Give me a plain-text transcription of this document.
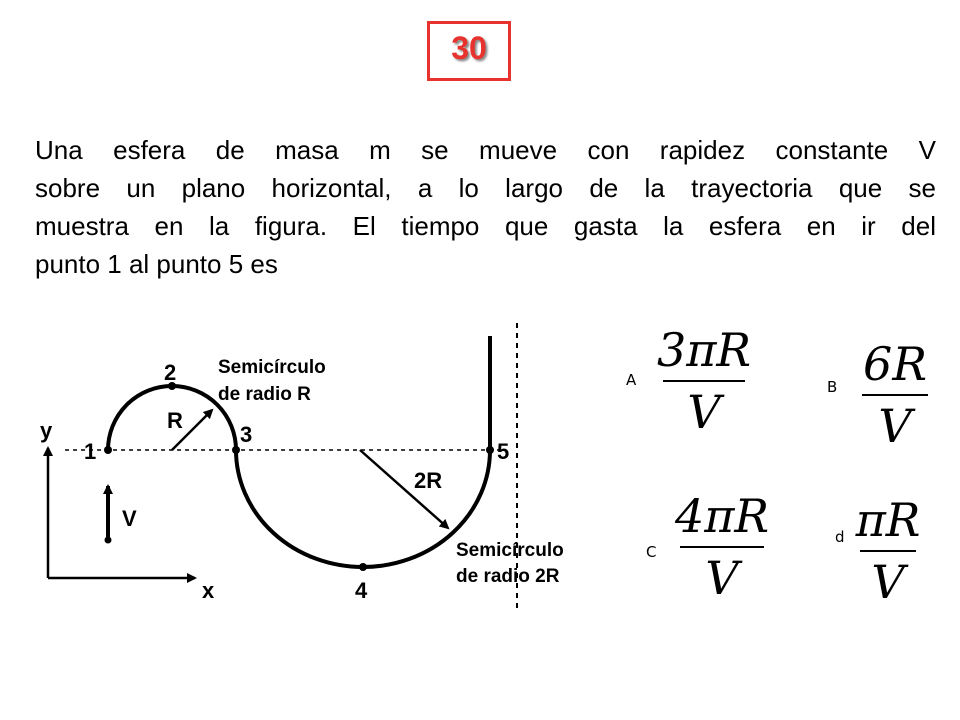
30
Una esfera de masa m se mueve con rapidez constante V
sobre un plano horizontal, a lo largo de la trayectoria que se
muestra en la figura. El tiempo que gasta la esfera en ir del
punto 1 al punto 5 es
y
x
V
R
2R
1
2
3
4
5
Semicírculo
de radio R
Semicírculo
de radio 2R
A
3πR
V	B 6R
V
C
4πR
V
d πR
V
